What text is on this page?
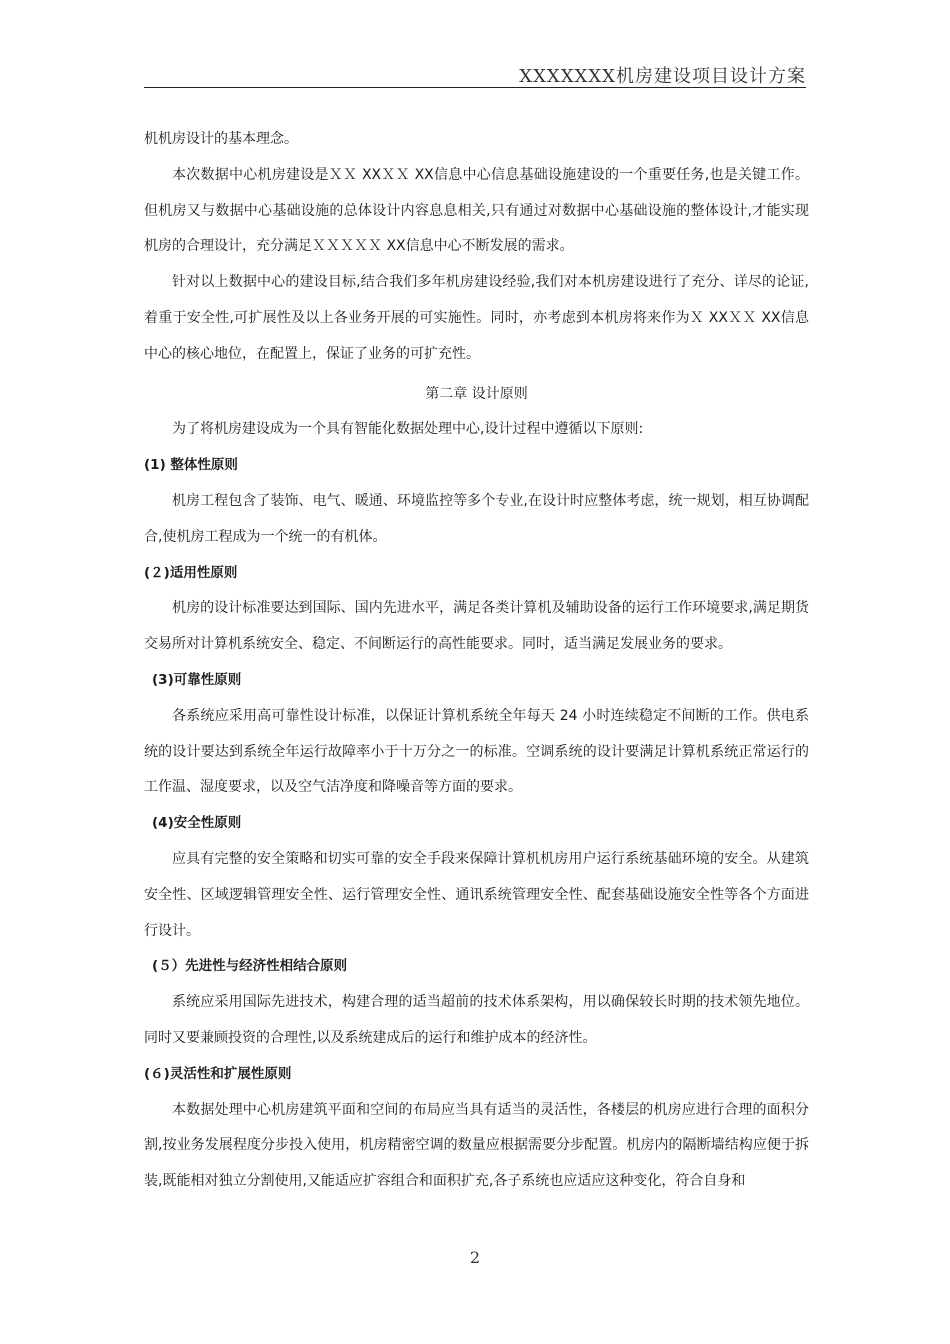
XXXXXXX机房建设项目设计方案

机机房设计的基本理念。

本次数据中心机房建设是ＸＸ XXＸＸ XX信息中心信息基础设施建设的一个重要任务,也是关键工作。但机房又与数据中心基础设施的总体设计内容息息相关,只有通过对数据中心基础设施的整体设计,才能实现机房的合理设计，充分满足ＸＸＸＸＸ XX信息中心不断发展的需求。

针对以上数据中心的建设目标,结合我们多年机房建设经验,我们对本机房建设进行了充分、详尽的论证,着重于安全性,可扩展性及以上各业务开展的可实施性。同时，亦考虑到本机房将来作为Ｘ XXＸＸ XX信息中心的核心地位，在配置上，保证了业务的可扩充性。

第二章 设计原则

为了将机房建设成为一个具有智能化数据处理中心,设计过程中遵循以下原则:

(1) 整体性原则

机房工程包含了装饰、电气、暖通、环境监控等多个专业,在设计时应整体考虑，统一规划，相互协调配合,使机房工程成为一个统一的有机体。

(２)适用性原则

机房的设计标准要达到国际、国内先进水平，满足各类计算机及辅助设备的运行工作环境要求,满足期货交易所对计算机系统安全、稳定、不间断运行的高性能要求。同时，适当满足发展业务的要求。

(3)可靠性原则

各系统应采用高可靠性设计标准，以保证计算机系统全年每天 24 小时连续稳定不间断的工作。供电系统的设计要达到系统全年运行故障率小于十万分之一的标准。空调系统的设计要满足计算机系统正常运行的工作温、湿度要求，以及空气洁净度和降噪音等方面的要求。

(4)安全性原则

应具有完整的安全策略和切实可靠的安全手段来保障计算机机房用户运行系统基础环境的安全。从建筑安全性、区域逻辑管理安全性、运行管理安全性、通讯系统管理安全性、配套基础设施安全性等各个方面进行设计。

(５）先进性与经济性相结合原则

系统应采用国际先进技术，构建合理的适当超前的技术体系架构，用以确保较长时期的技术领先地位。同时又要兼顾投资的合理性,以及系统建成后的运行和维护成本的经济性。

(６)灵活性和扩展性原则

本数据处理中心机房建筑平面和空间的布局应当具有适当的灵活性，各楼层的机房应进行合理的面积分割,按业务发展程度分步投入使用，机房精密空调的数量应根据需要分步配置。机房内的隔断墙结构应便于拆装,既能相对独立分割使用,又能适应扩容组合和面积扩充,各子系统也应适应这种变化，符合自身和

2
